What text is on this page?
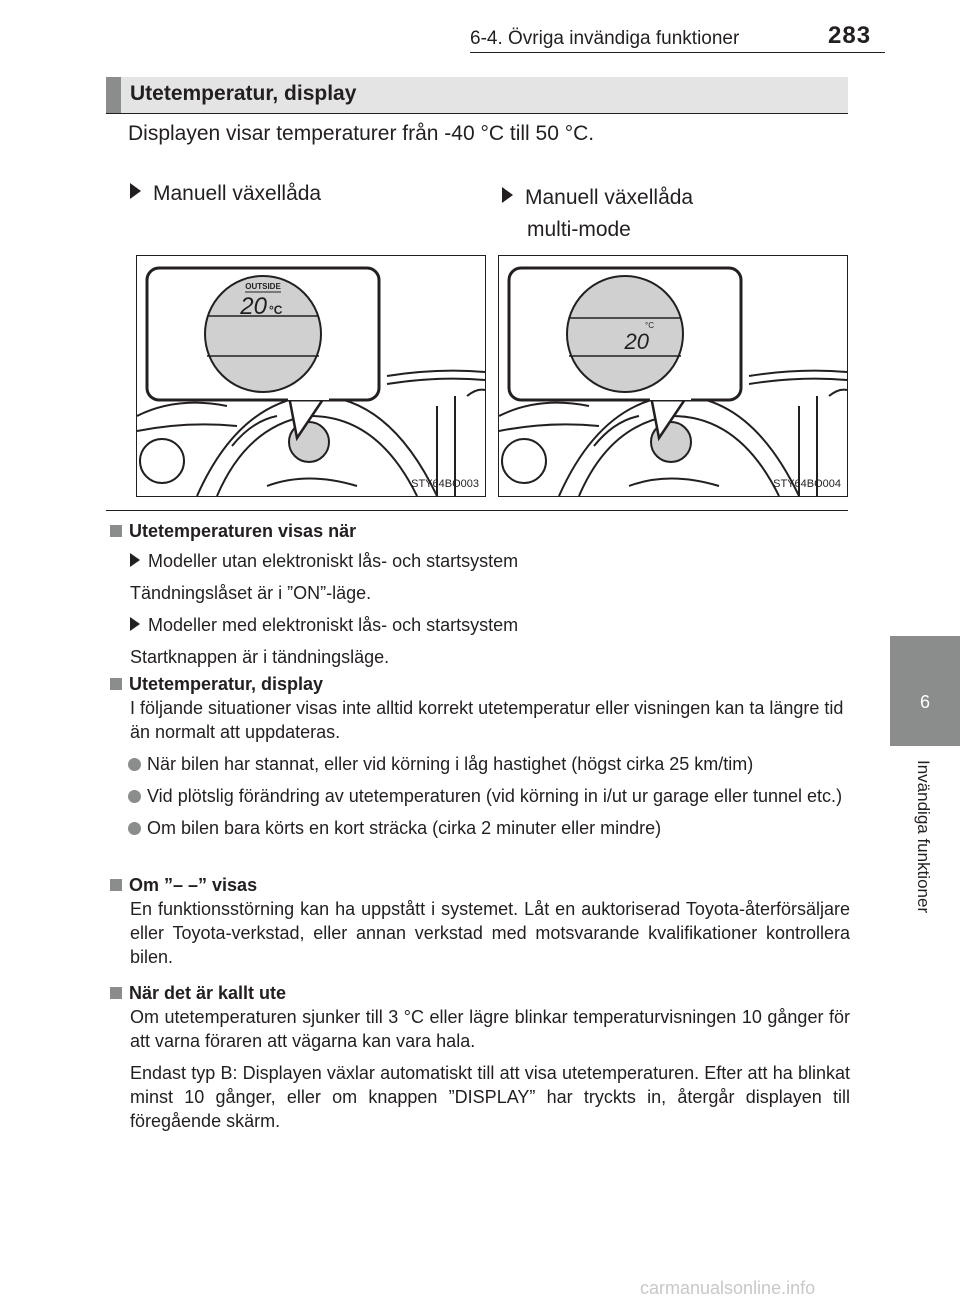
6-4. Övriga invändiga funktioner	283
6
Invändiga funktioner
Utetemperatur, display
Displayen visar temperaturer från -40 °C till 50 °C.
Manuell växellåda	Manuell växellåda
multi-mode
OUTSIDE
20 °C
STY64BO003
20
°C
STY64BO004
Utetemperaturen visas när
Modeller utan elektroniskt lås- och startsystem
Tändningslåset är i ”ON”-läge.
Modeller med elektroniskt lås- och startsystem
Startknappen är i tändningsläge.
Utetemperatur, display
I följande situationer visas inte alltid korrekt utetemperatur eller visningen kan ta längre tid än normalt att uppdateras.
När bilen har stannat, eller vid körning i låg hastighet (högst cirka 25 km/tim)
Vid plötslig förändring av utetemperaturen (vid körning in i/ut ur garage eller tunnel etc.)
Om bilen bara körts en kort sträcka (cirka 2 minuter eller mindre)
Om ”– –” visas
En funktionsstörning kan ha uppstått i systemet. Låt en auktoriserad Toyota-återförsäljare eller Toyota-verkstad, eller annan verkstad med motsvarande kvalifikationer kontrollera bilen.
När det är kallt ute
Om utetemperaturen sjunker till 3 °C eller lägre blinkar temperaturvisningen 10 gånger för att varna föraren att vägarna kan vara hala.
Endast typ B: Displayen växlar automatiskt till att visa utetemperaturen. Efter att ha blinkat minst 10 gånger, eller om knappen ”DISPLAY” har tryckts in, återgår displayen till föregående skärm.
carmanualsonline.info
